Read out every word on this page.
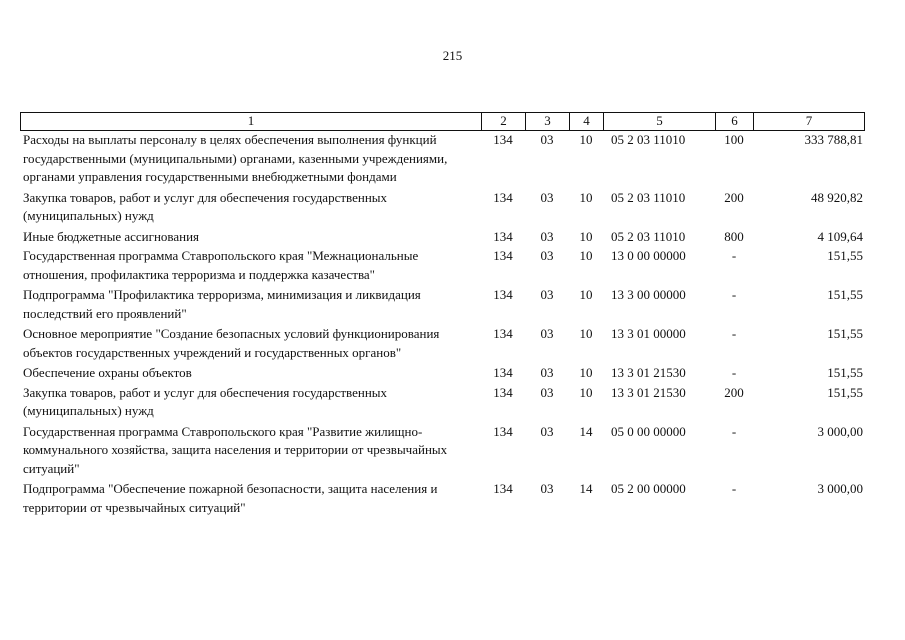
215
1	2	3	4	5	6	7
Расходы на выплаты персоналу в целях обеспечения выполнения функций государственными (муниципальными) органами, казенными учреждениями, органами управления государственными внебюджетными фондами
134	03	10	05 2 03 11010	100	333 788,81
Закупка товаров, работ и услуг для обеспечения государственных (муниципальных) нужд
134	03	10	05 2 03 11010	200	48 920,82
Иные бюджетные ассигнования	134	03	10	05 2 03 11010	800	4 109,64
Государственная программа Ставропольского края "Межнациональные отношения, профилактика терроризма и поддержка казачества"
134	03	10	13 0 00 00000	-	151,55
Подпрограмма "Профилактика терроризма, минимизация и ликвидация последствий его проявлений"
134	03	10	13 3 00 00000	-	151,55
Основное мероприятие "Создание безопасных условий функционирования объектов государственных учреждений и государственных органов"
134	03	10	13 3 01 00000	-	151,55
Обеспечение охраны объектов	134	03	10	13 3 01 21530	-	151,55
Закупка товаров, работ и услуг для обеспечения государственных (муниципальных) нужд
134	03	10	13 3 01 21530	200	151,55
Государственная программа Ставропольского края "Развитие жилищно-коммунального хозяйства, защита населения и территории от чрезвычайных ситуаций"
134	03	14	05 0 00 00000	-	3 000,00
Подпрограмма "Обеспечение пожарной безопасности, защита населения и территории от чрезвычайных ситуаций"
134	03	14	05 2 00 00000	-	3 000,00
